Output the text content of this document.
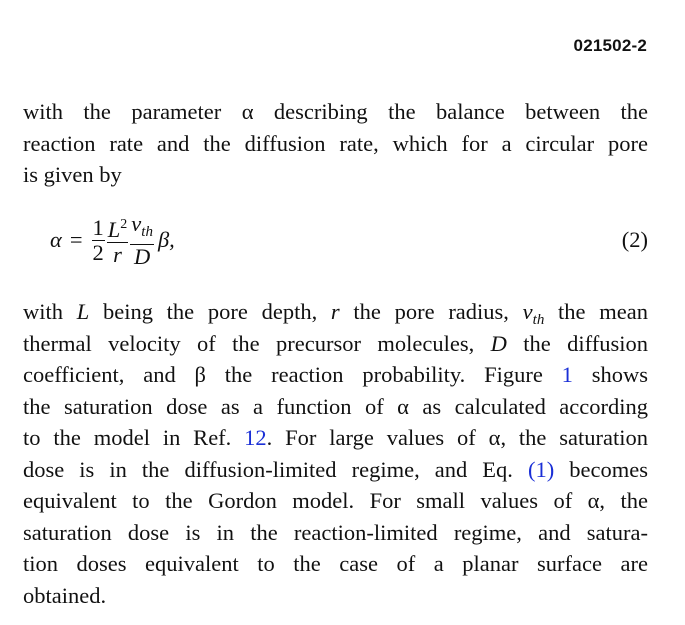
021502-2
with the parameter α describing the balance between the
reaction rate and the diffusion rate, which for a circular pore
is given by
$\alpha = \frac{1}{2} \frac{L^2}{r} \frac{v_{th}}{D} \beta$,	(2)
with L being the pore depth, r the pore radius, $v_{th}$ the mean
thermal velocity of the precursor molecules, D the diffusion
coefficient, and β the reaction probability. Figure 1 shows
the saturation dose as a function of α as calculated according
to the model in Ref. 12. For large values of α, the saturation
dose is in the diffusion-limited regime, and Eq. (1) becomes
equivalent to the Gordon model. For small values of α, the
saturation dose is in the reaction-limited regime, and satura-
tion doses equivalent to the case of a planar surface are
obtained.
